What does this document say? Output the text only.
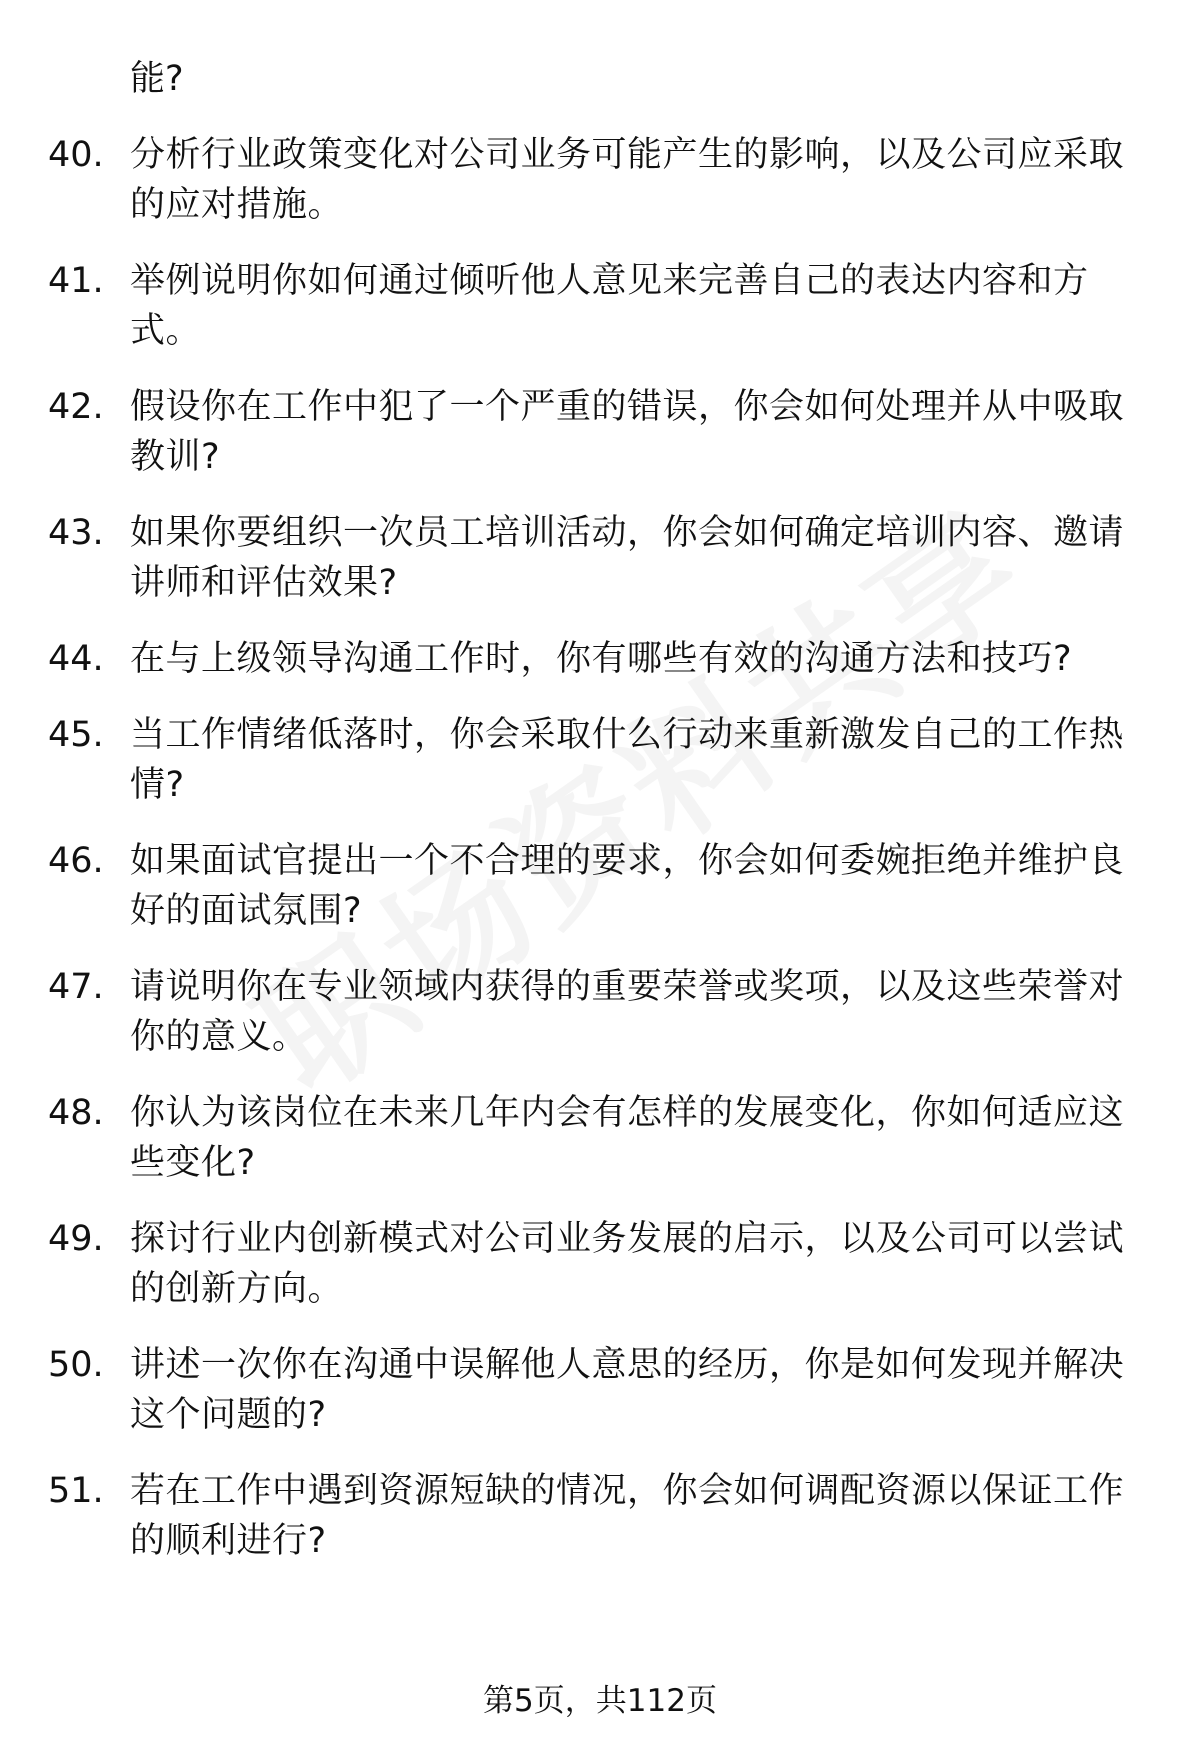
能?
40. 分析行业政策变化对公司业务可能产生的影响，以及公司应采取的应对措施。
41. 举例说明你如何通过倾听他人意见来完善自己的表达内容和方式。
42. 假设你在工作中犯了一个严重的错误，你会如何处理并从中吸取教训?
43. 如果你要组织一次员工培训活动，你会如何确定培训内容、邀请讲师和评估效果?
44. 在与上级领导沟通工作时，你有哪些有效的沟通方法和技巧?
45. 当工作情绪低落时，你会采取什么行动来重新激发自己的工作热情?
46. 如果面试官提出一个不合理的要求，你会如何委婉拒绝并维护良好的面试氛围?
47. 请说明你在专业领域内获得的重要荣誉或奖项，以及这些荣誉对你的意义。
48. 你认为该岗位在未来几年内会有怎样的发展变化，你如何适应这些变化?
49. 探讨行业内创新模式对公司业务发展的启示，以及公司可以尝试的创新方向。
50. 讲述一次你在沟通中误解他人意思的经历，你是如何发现并解决这个问题的?
51. 若在工作中遇到资源短缺的情况，你会如何调配资源以保证工作的顺利进行?
第5页，共112页
